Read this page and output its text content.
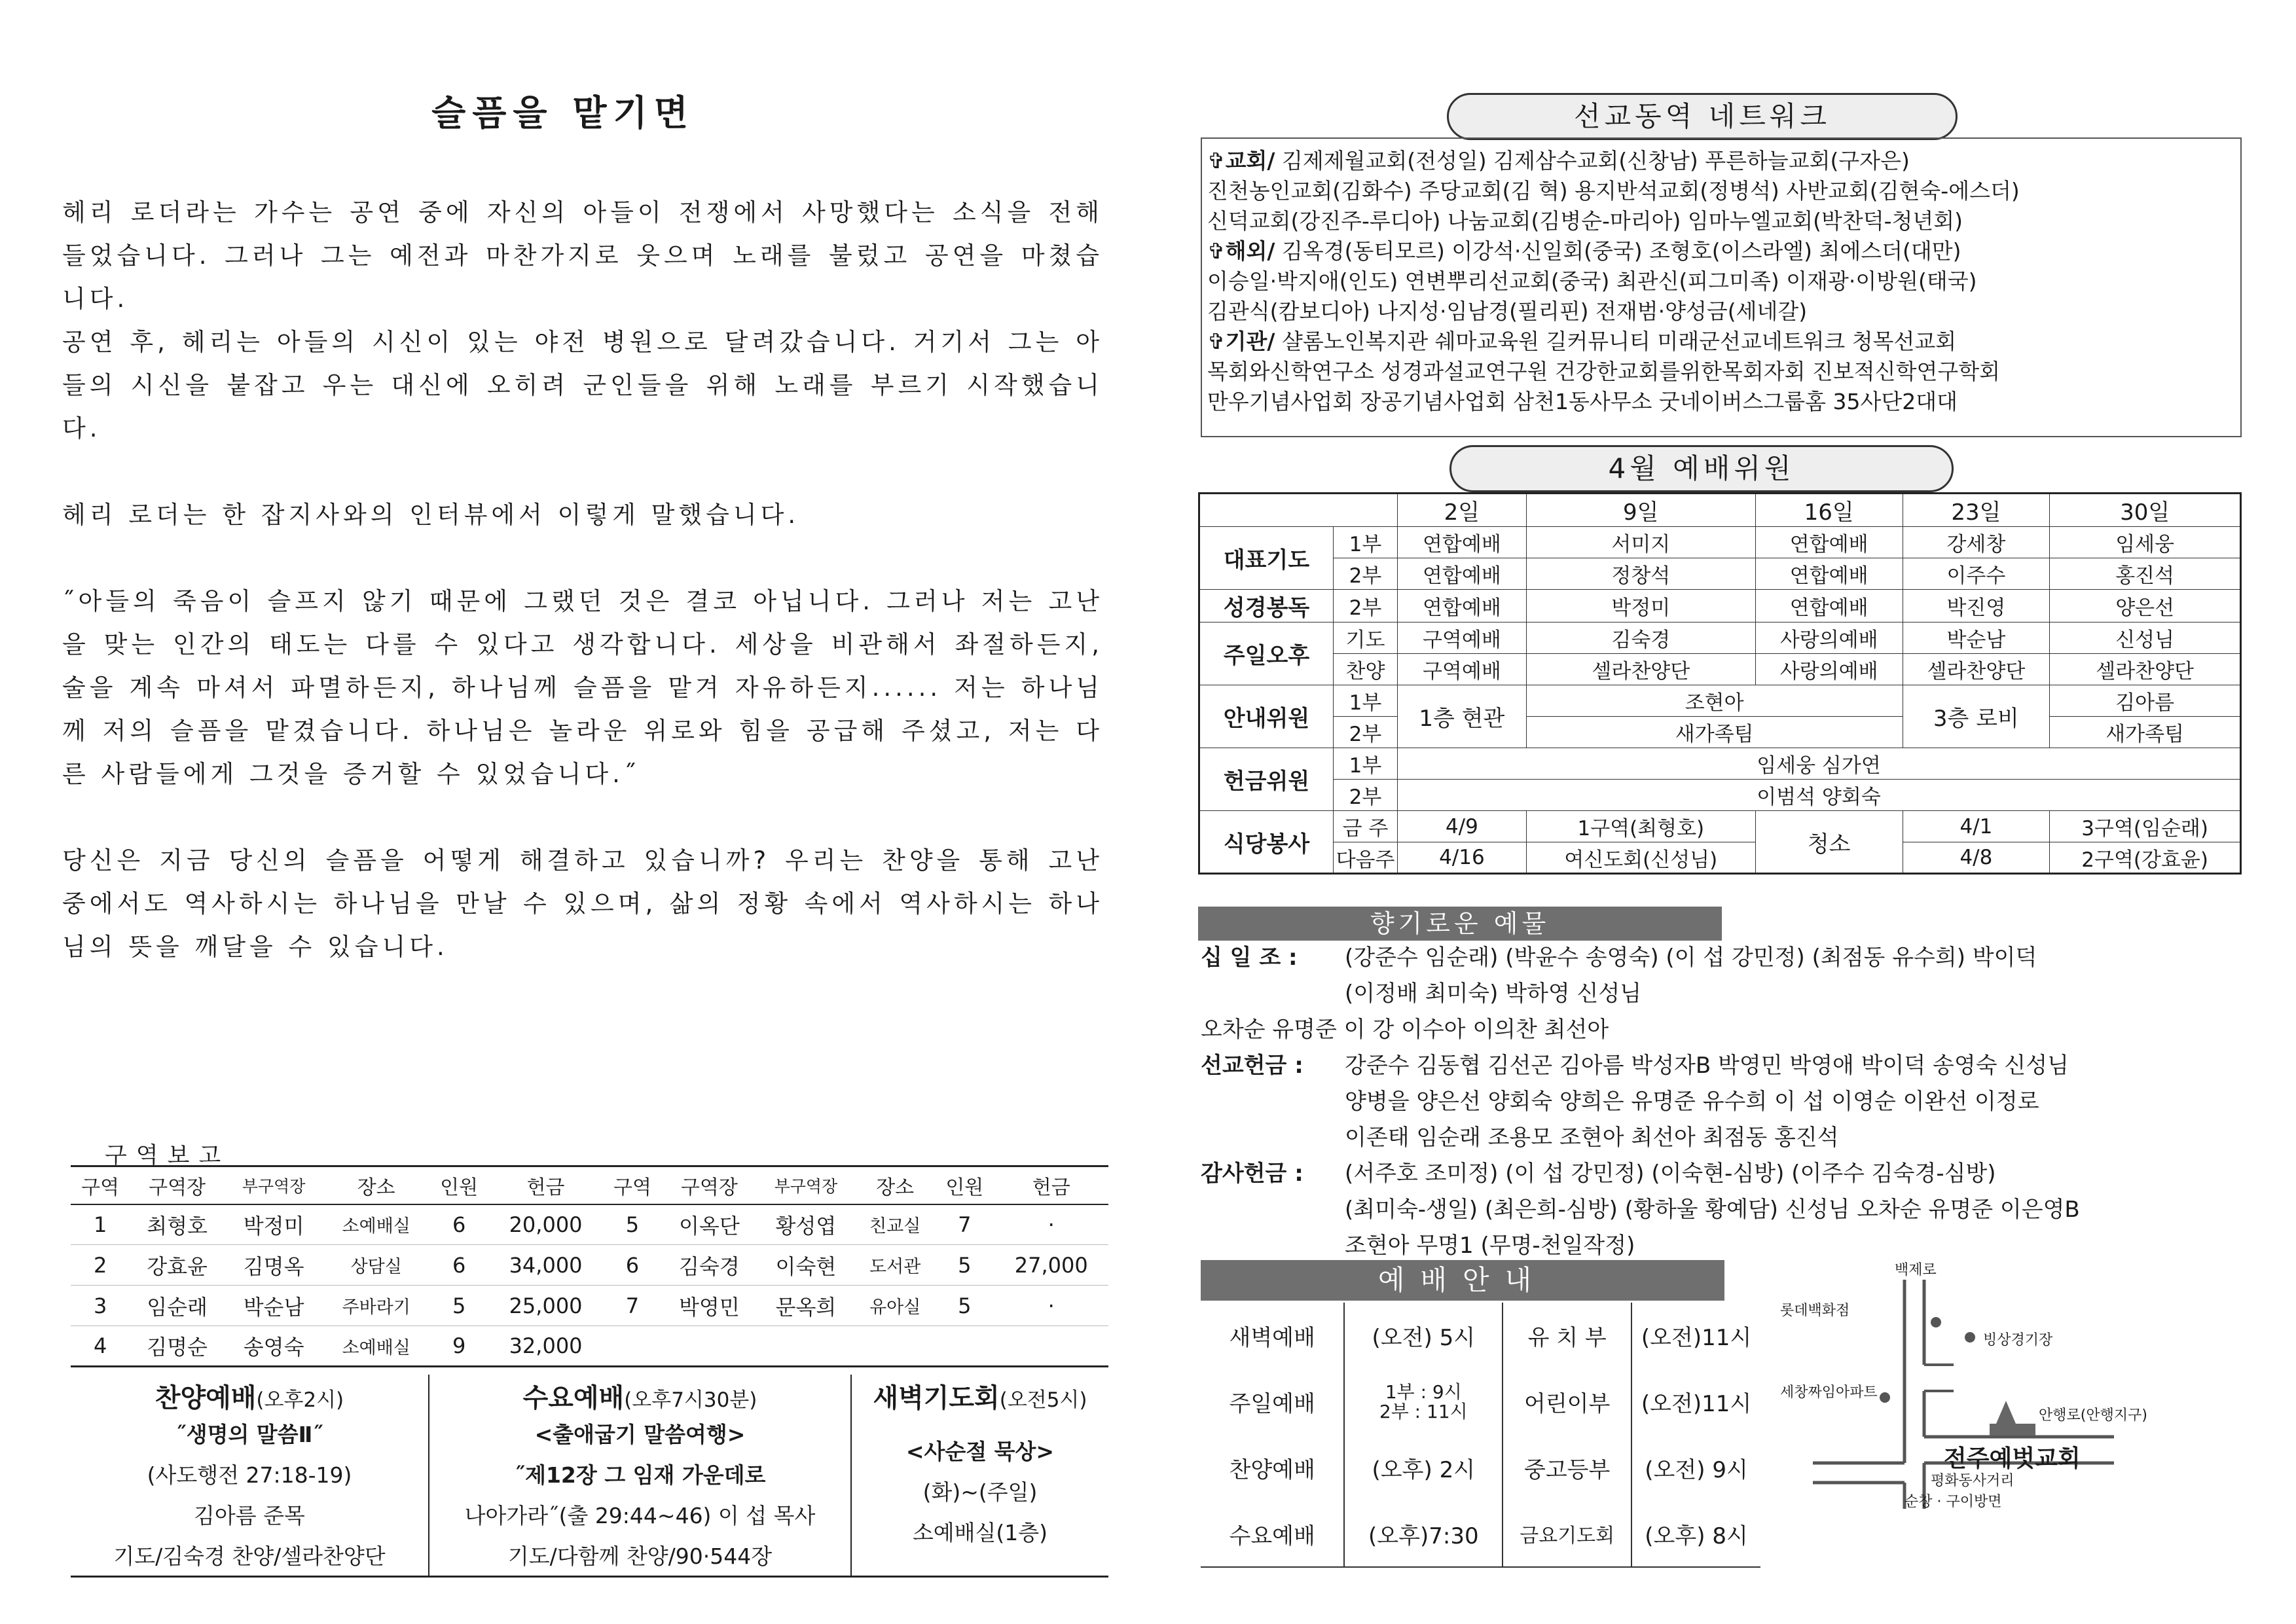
슬픔을 맡기면

헤리 로더라는 가수는 공연 중에 자신의 아들이 전쟁에서 사망했다는 소식을 전해 들었습니다. 그러나 그는 예전과 마찬가지로 웃으며 노래를 불렀고 공연을 마쳤습니다.

공연 후, 헤리는 아들의 시신이 있는 야전 병원으로 달려갔습니다. 거기서 그는 아들의 시신을 붙잡고 우는 대신에 오히려 군인들을 위해 노래를 부르기 시작했습니다.

헤리 로더는 한 잡지사와의 인터뷰에서 이렇게 말했습니다.

˝아들의 죽음이 슬프지 않기 때문에 그랬던 것은 결코 아닙니다. 그러나 저는 고난을 맞는 인간의 태도는 다를 수 있다고 생각합니다. 세상을 비관해서 좌절하든지, 술을 계속 마셔서 파멸하든지, 하나님께 슬픔을 맡겨 자유하든지...... 저는 하나님께 저의 슬픔을 맡겼습니다. 하나님은 놀라운 위로와 힘을 공급해 주셨고, 저는 다른 사람들에게 그것을 증거할 수 있었습니다.˝

당신은 지금 당신의 슬픔을 어떻게 해결하고 있습니까? 우리는 찬양을 통해 고난 중에서도 역사하시는 하나님을 만날 수 있으며, 삶의 정황 속에서 역사하시는 하나님의 뜻을 깨달을 수 있습니다.

구역보고
구역	구역장	부구역장	장소	인원	헌금	구역	구역장	부구역장	장소	인원	헌금
1	최형호	박정미	소예배실	6	20,000	5	이옥단	황성엽	친교실	7	·
2	강효윤	김명옥	상담실	6	34,000	6	김숙경	이숙현	도서관	5	27,000
3	임순래	박순남	주바라기	5	25,000	7	박영민	문옥희	유아실	5	·
4	김명순	송영숙	소예배실	9	32,000						
찬양예배(오후2시)
˝생명의 말씀Ⅱ˝
(사도행전 27:18-19)
김아름 준목
기도/김숙경 찬양/셀라찬양단
수요예배(오후7시30분)
<출애굽기 말씀여행>
˝제12장 그 임재 가운데로
나아가라˝(출 29:44~46) 이 섭 목사
기도/다함께 찬양/90·544장
새벽기도회(오전5시)
<사순절 묵상>
(화)~(주일)
소예배실(1층)
선교동역 네트워크
✞교회/ 김제제월교회(전성일) 김제삼수교회(신창남) 푸른하늘교회(구자은)
진천농인교회(김화수) 주당교회(김 혁) 용지반석교회(정병석) 사반교회(김현숙-에스더)
신덕교회(강진주-루디아) 나눔교회(김병순-마리아) 임마누엘교회(박찬덕-청년회)
✞해외/ 김옥경(동티모르) 이강석·신일회(중국) 조형호(이스라엘) 최에스더(대만)
이승일·박지애(인도) 연변뿌리선교회(중국) 최관신(피그미족) 이재광·이방원(태국)
김관식(캄보디아) 나지성·임남경(필리핀) 전재범·양성금(세네갈)
✞기관/ 샬롬노인복지관 쉐마교육원 길커뮤니티 미래군선교네트워크 청목선교회
목회와신학연구소 성경과설교연구원 건강한교회를위한목회자회 진보적신학연구학회
만우기념사업회 장공기념사업회 삼천1동사무소 굿네이버스그룹홈 35사단2대대
4월 예배위원
		2일	9일	16일	23일	30일
대표기도	1부	연합예배	서미지	연합예배	강세창	임세웅
	2부	연합예배	정창석	연합예배	이주수	홍진석
성경봉독	2부	연합예배	박정미	연합예배	박진영	양은선
주일오후	기도	구역예배	김숙경	사랑의예배	박순남	신성님
	찬양	구역예배	셀라찬양단	사랑의예배	셀라찬양단	셀라찬양단
안내위원	1부	1층 현관	조현아		3층 로비	김아름
	2부		새가족팀			새가족팀
헌금위원	1부	임세웅 심가연				
	2부	이범석 양회숙				
식당봉사	금 주	4/9	1구역(최형호)	청소	4/1	3구역(임순래)
	다음주	4/16	여신도회(신성님)		4/8	2구역(강효윤)
향기로운 예물
십 일 조 :	(강준수 임순래) (박윤수 송영숙) (이 섭 강민정) (최점동 유수희) 박이덕
(이정배 최미숙) 박하영 신성님
오차순 유명준 이 강 이수아 이의찬 최선아
선교헌금 :	강준수 김동협 김선곤 김아름 박성자B 박영민 박영애 박이덕 송영숙 신성님
양병을 양은선 양회숙 양희은 유명준 유수희 이 섭 이영순 이완선 이정로
이존태 임순래 조용모 조현아 최선아 최점동 홍진석
감사헌금 :	(서주호 조미정) (이 섭 강민정) (이숙현-심방) (이주수 김숙경-심방)
(최미숙-생일) (최은희-심방) (황하울 황예담) 신성님 오차순 유명준 이은영B
조현아 무명1 (무명-천일작정)
예배안내
새벽예배	(오전) 5시	유 치 부	(오전)11시
주일예배	1부 : 9시
2부 : 11시	어린이부	(오전)11시
찬양예배	(오후) 2시	중고등부	(오전) 9시
수요예배	(오후)7:30	금요기도회	(오후) 8시
백제로
롯데백화점
빙상경기장
세창짜임아파트
안행로(안행지구)
전주예벗교회
평화동사거리
순창 · 구이방면
